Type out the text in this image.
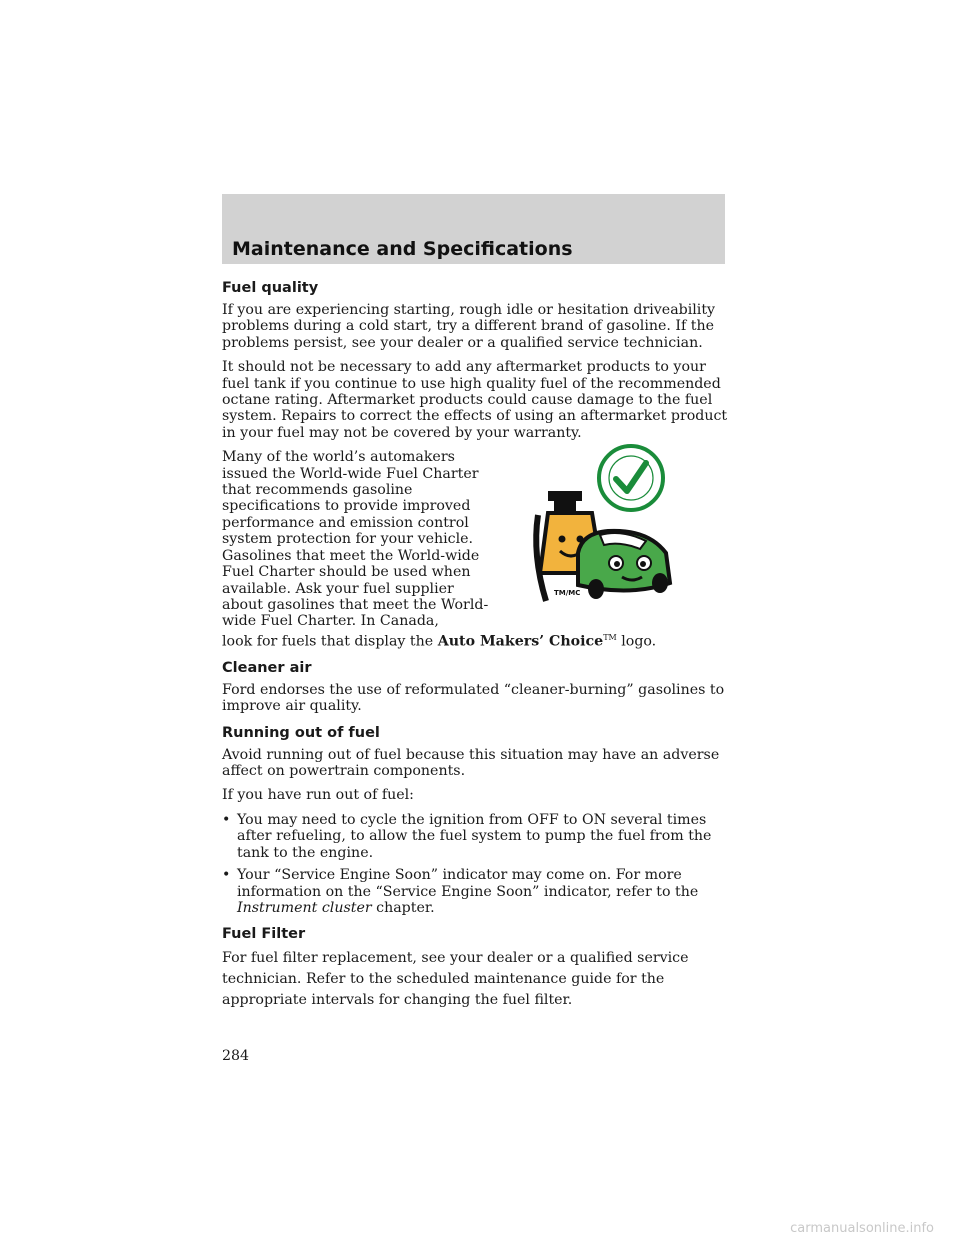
Maintenance and Specifications
Fuel quality

If you are experiencing starting, rough idle or hesitation driveability problems during a cold start, try a different brand of gasoline. If the problems persist, see your dealer or a qualified service technician.

It should not be necessary to add any aftermarket products to your fuel tank if you continue to use high quality fuel of the recommended octane rating. Aftermarket products could cause damage to the fuel system. Repairs to correct the effects of using an aftermarket product in your fuel may not be covered by your warranty.

Many of the world’s automakers issued the World-wide Fuel Charter that recommends gasoline specifications to provide improved performance and emission control system protection for your vehicle. Gasolines that meet the World-wide Fuel Charter should be used when available. Ask your fuel supplier about gasolines that meet the World-wide Fuel Charter. In Canada,

look for fuels that display the Auto Makers’ Choice™ logo.

TM/MC
Cleaner air

Ford endorses the use of reformulated “cleaner-burning” gasolines to improve air quality.

Running out of fuel

Avoid running out of fuel because this situation may have an adverse affect on powertrain components.

If you have run out of fuel:

• You may need to cycle the ignition from OFF to ON several times after refueling, to allow the fuel system to pump the fuel from the tank to the engine.
• Your “Service Engine Soon” indicator may come on. For more information on the “Service Engine Soon” indicator, refer to the Instrument cluster chapter.
Fuel Filter

For fuel filter replacement, see your dealer or a qualified service technician. Refer to the scheduled maintenance guide for the appropriate intervals for changing the fuel filter.

284
carmanualsonline.info
